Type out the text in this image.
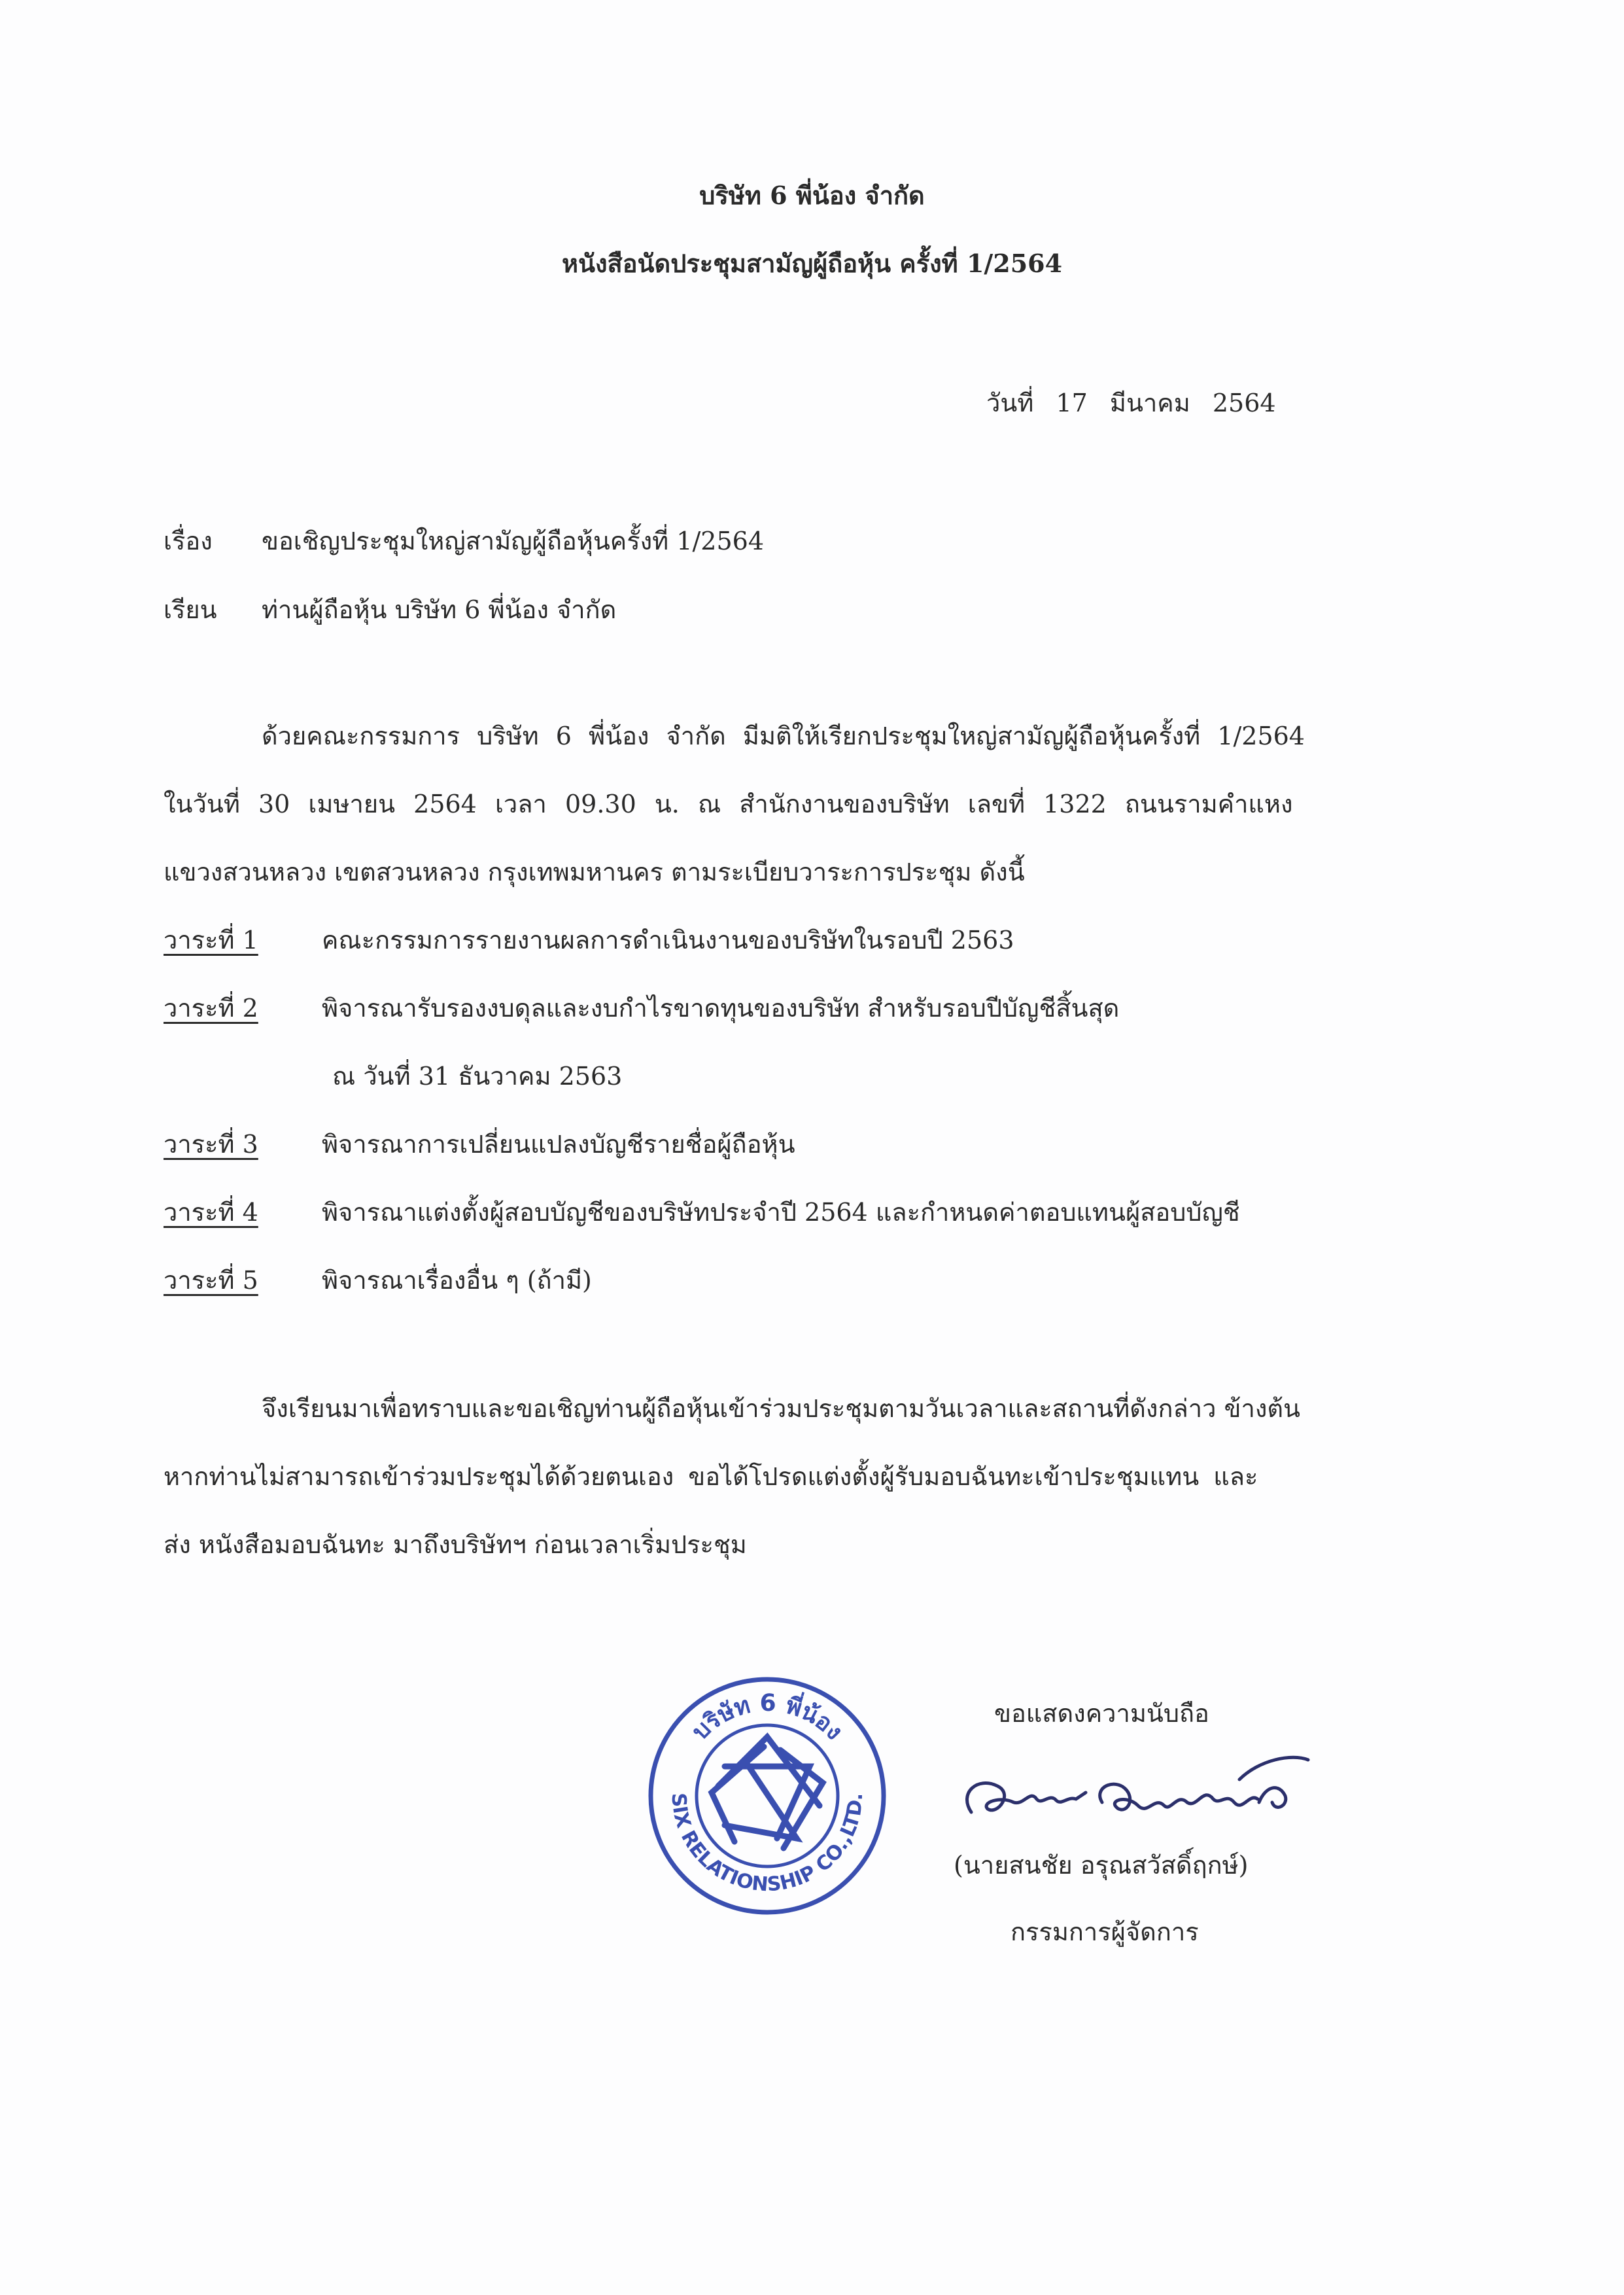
บริษัท 6 พี่น้อง จำกัด
หนังสือนัดประชุมสามัญผู้ถือหุ้น ครั้งที่ 1/2564
วันที่ 17 มีนาคม 2564
เรื่อง ขอเชิญประชุมใหญ่สามัญผู้ถือหุ้นครั้งที่ 1/2564
เรียน ท่านผู้ถือหุ้น บริษัท 6 พี่น้อง จำกัด
ด้วยคณะกรรมการ บริษัท 6 พี่น้อง จำกัด มีมติให้เรียกประชุมใหญ่สามัญผู้ถือหุ้นครั้งที่ 1/2564
ในวันที่ 30 เมษายน 2564 เวลา 09.30 น. ณ สำนักงานของบริษัท เลขที่ 1322 ถนนรามคำแหง
แขวงสวนหลวง เขตสวนหลวง กรุงเทพมหานคร ตามระเบียบวาระการประชุม ดังนี้
วาระที่ 1	คณะกรรมการรายงานผลการดำเนินงานของบริษัทในรอบปี 2563
วาระที่ 2	พิจารณารับรองงบดุลและงบกำไรขาดทุนของบริษัท สำหรับรอบปีบัญชีสิ้นสุด
ณ วันที่ 31 ธันวาคม 2563
วาระที่ 3	พิจารณาการเปลี่ยนแปลงบัญชีรายชื่อผู้ถือหุ้น
วาระที่ 4	พิจารณาแต่งตั้งผู้สอบบัญชีของบริษัทประจำปี 2564 และกำหนดค่าตอบแทนผู้สอบบัญชี
วาระที่ 5	พิจารณาเรื่องอื่น ๆ (ถ้ามี)
จึงเรียนมาเพื่อทราบและขอเชิญท่านผู้ถือหุ้นเข้าร่วมประชุมตามวันเวลาและสถานที่ดังกล่าว ข้างต้น
หากท่านไม่สามารถเข้าร่วมประชุมได้ด้วยตนเอง ขอได้โปรดแต่งตั้งผู้รับมอบฉันทะเข้าประชุมแทน และ
ส่ง หนังสือมอบฉันทะ มาถึงบริษัทฯ ก่อนเวลาเริ่มประชุม
บริษัท 6 พี่น้อง
SIX RELATIONSHIP CO.,LTD.
ขอแสดงความนับถือ
(นายสนชัย อรุณสวัสดิ์ฤกษ์)
กรรมการผู้จัดการ
